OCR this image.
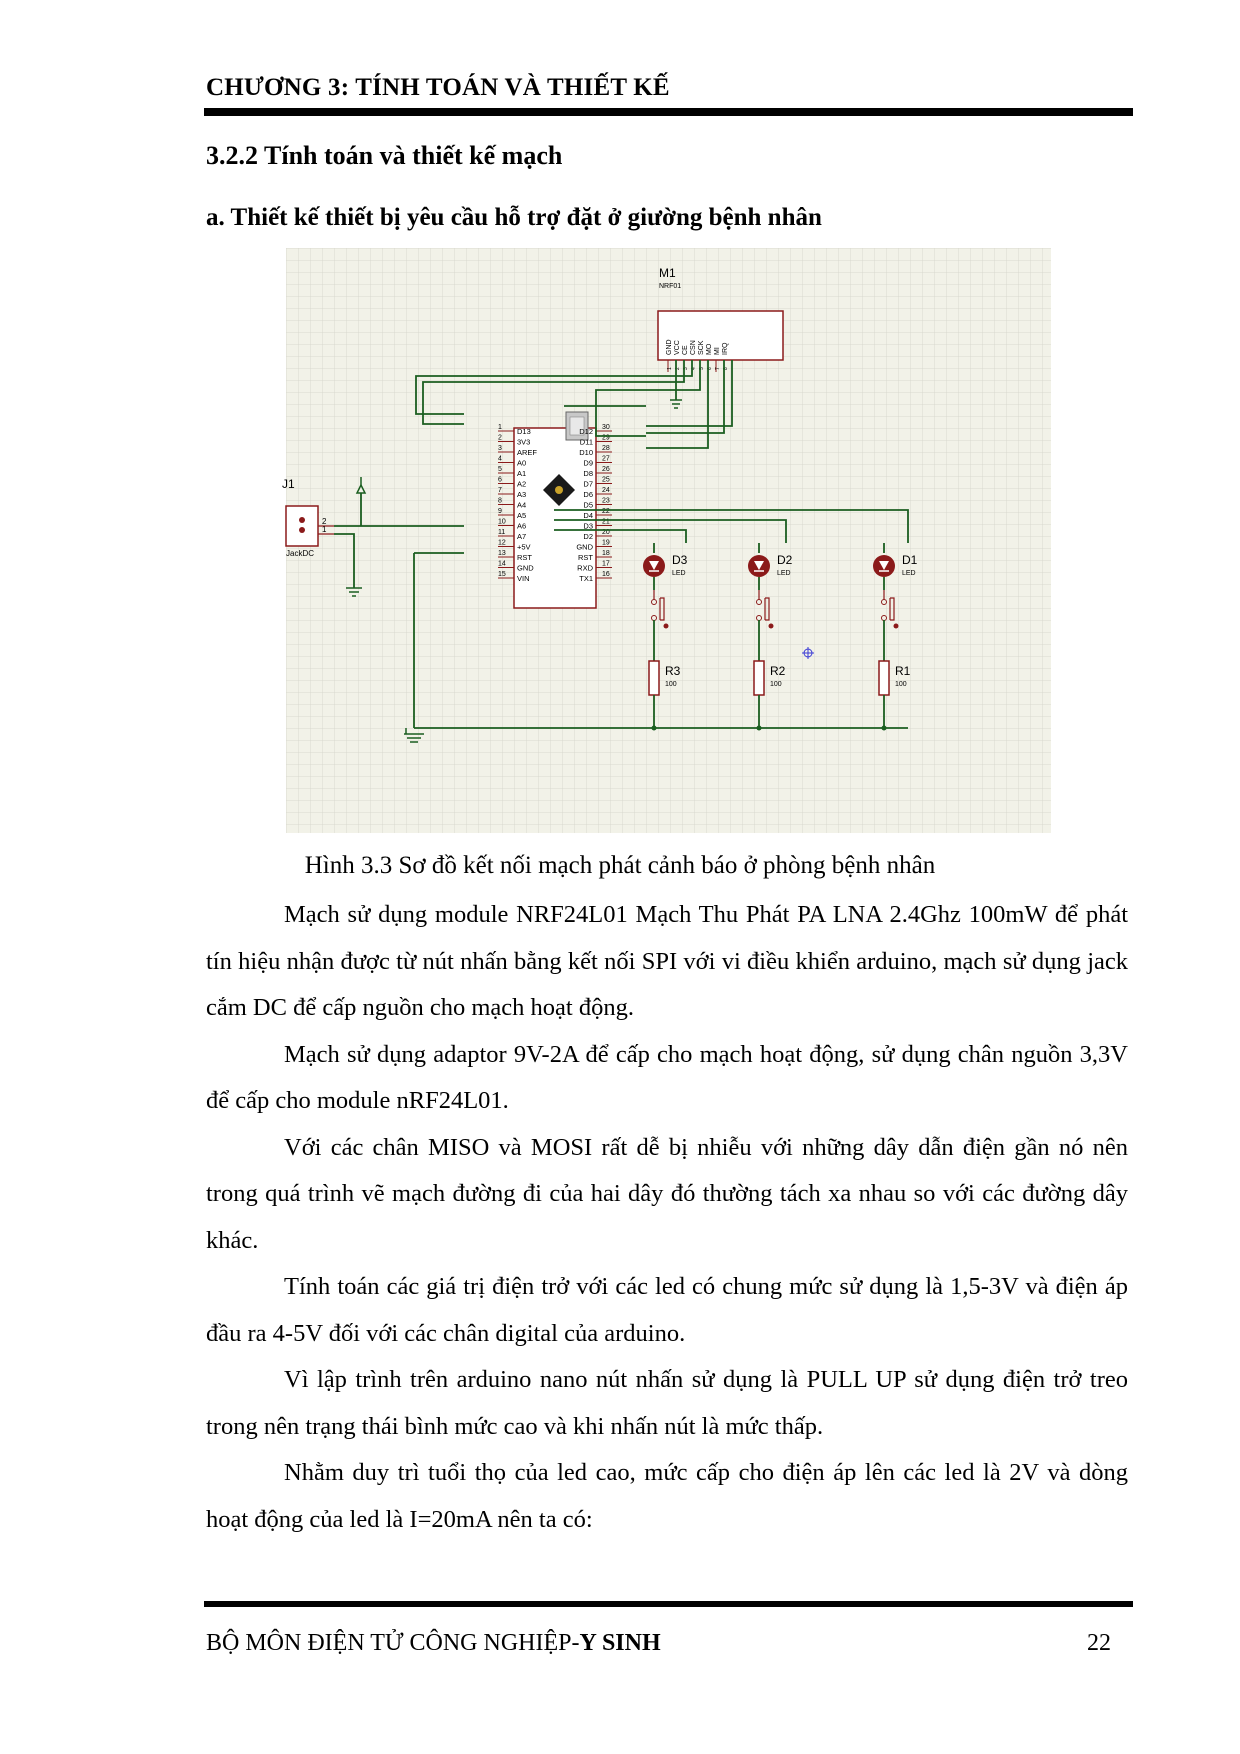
CHƯƠNG 3: TÍNH TOÁN VÀ THIẾT KẾ
3.2.2 Tính toán và thiết kế mạch
a. Thiết kế thiết bị yêu cầu hỗ trợ đặt ở giường bệnh nhân
M1
NRF01
GND
1
VCC
2
CE
3
CSN
4
SCK
5
MO
6
MI
7
IRQ
8
1 D13
2 3V3
3 AREF
4 A0
5 A1
6 A2
7 A3
8 A4
9 A5
10 A6
11 A7
12 +5V
13 RST
14 GND
15 VIN
30
D12
29
D11
28
D10
27
D9
26
D8
25
D7
24
D6
23
D5
22
D4
21
D3
20
D2
19
GND
18
RST
17
RXD
16
TX1
J1
2
1
JackDC	D3
LED
R3
100
D2
LED
R2
100
D1
LED
R1
100
Hình 3.3 Sơ đồ kết nối mạch phát cảnh báo ở phòng bệnh nhân

Mạch sử dụng module NRF24L01 Mạch Thu Phát PA LNA 2.4Ghz 100mW để phát tín hiệu nhận được từ nút nhấn bằng kết nối SPI với vi điều khiển arduino, mạch sử dụng jack cắm DC để cấp nguồn cho mạch hoạt động.

Mạch sử dụng adaptor 9V-2A để cấp cho mạch hoạt động, sử dụng chân nguồn 3,3V để cấp cho module nRF24L01.

Với các chân MISO và MOSI rất dễ bị nhiễu với những dây dẫn điện gần nó nên trong quá trình vẽ mạch đường đi của hai dây đó thường tách xa nhau so với các đường dây khác.

Tính toán các giá trị điện trở với các led có chung mức sử dụng là 1,5-3V và điện áp đầu ra 4-5V đối với các chân digital của arduino.

Vì lập trình trên arduino nano nút nhấn sử dụng là PULL UP sử dụng điện trở treo trong nên trạng thái bình mức cao và khi nhấn nút là mức thấp.

Nhằm duy trì tuổi thọ của led cao, mức cấp cho điện áp lên các led là 2V và dòng hoạt động của led là I=20mA nên ta có:

BỘ MÔN ĐIỆN TỬ CÔNG NGHIỆP-Y SINH	22
